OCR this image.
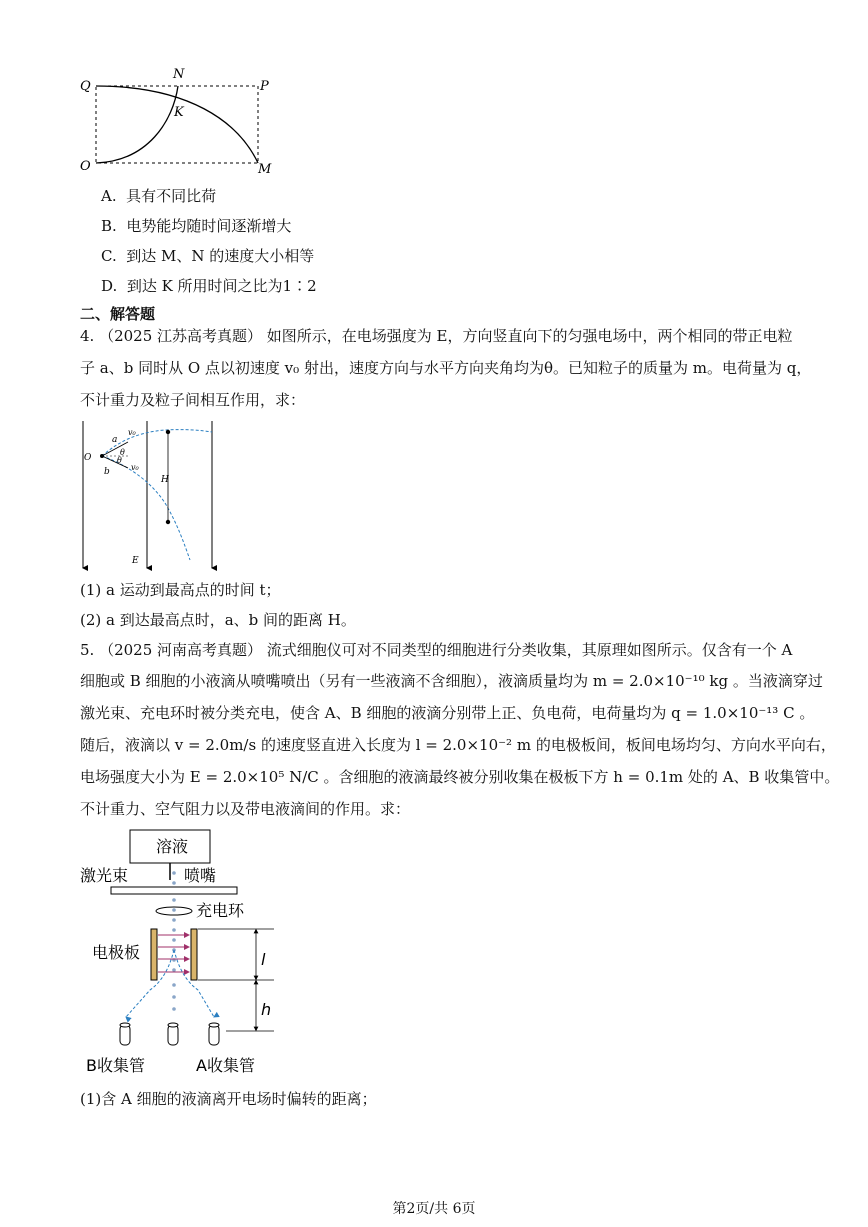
Q
N
P
K
O	M
A. 具有不同比荷
B. 电势能均随时间逐渐增大
C. 到达 M、N 的速度大小相等
D. 到达 K 所用时间之比为1∶2
二、解答题
4. （2025 江苏高考真题） 如图所示，在电场强度为 E，方向竖直向下的匀强电场中，两个相同的带正电粒
子 a、b 同时从 O 点以初速度 v₀ 射出，速度方向与水平方向夹角均为θ。已知粒子的质量为 m。电荷量为 q，
不计重力及粒子间相互作用，求：
O
a
b
v₀
θ
θ
v₀
H
E
(1) a 运动到最高点的时间 t；
(2) a 到达最高点时，a、b 间的距离 H。
5. （2025 河南高考真题） 流式细胞仪可对不同类型的细胞进行分类收集，其原理如图所示。仅含有一个 A
细胞或 B 细胞的小液滴从喷嘴喷出（另有一些液滴不含细胞），液滴质量均为 m = 2.0×10⁻¹⁰ kg 。当液滴穿过
激光束、充电环时被分类充电，使含 A、B 细胞的液滴分别带上正、负电荷，电荷量均为 q = 1.0×10⁻¹³ C 。
随后，液滴以 v = 2.0m/s 的速度竖直进入长度为 l = 2.0×10⁻² m 的电极板间，板间电场均匀、方向水平向右，
电场强度大小为 E = 2.0×10⁵ N/C 。含细胞的液滴最终被分别收集在极板下方 h = 0.1m 处的 A、B 收集管中。
不计重力、空气阻力以及带电液滴间的作用。求：
溶液
激光束	喷嘴
充电环
电极板	l
h
B收集管	A收集管
(1)含 A 细胞的液滴离开电场时偏转的距离；
第2页/共 6页
